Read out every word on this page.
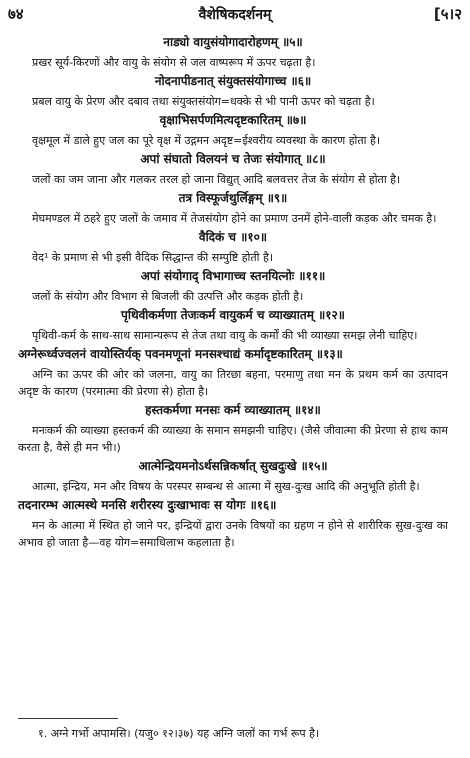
७४	वैशेषिकदर्शनम्	[५।२
नाड्यो वायुसंयोगादारोहणम् ॥५॥
प्रखर सूर्य-किरणों और वायु के संयोग से जल वाष्परूप में ऊपर चढ़ता है।
नोदनापीडनात् संयुक्तसंयोगाच्च ॥६॥
प्रबल वायु के प्रेरण और दबाव तथा संयुक्तसंयोग=धक्के से भी पानी ऊपर को चढ़ता है।
वृक्षाभिसर्पणमित्यदृष्टकारितम् ॥७॥
वृक्षमूल में डाले हुए जल का पूरे वृक्ष में उद्गमन अदृष्ट=ईश्वरीय व्यवस्था के कारण होता है।
अपां संघातो विलयनं च तेजः संयोगात् ॥८॥
जलों का जम जाना और गलकर तरल हो जाना विद्युत् आदि बलवत्तर तेज के संयोग से होता है।
तत्र विस्फूर्जथुर्लिङ्गम् ॥९॥
मेघमण्डल में ठहरे हुए जलों के जमाव में तेजसंयोग होने का प्रमाण उनमें होने-वाली कड़क और चमक है।
वैदिकं च ॥१०॥
वेद¹ के प्रमाण से भी इसी वैदिक सिद्धान्त की सम्पुष्टि होती है।
अपां संयोगाद् विभागाच्च स्तनयित्नोः ॥११॥
जलों के संयोग और विभाग से बिजली की उत्पत्ति और कड़क होती है।
पृथिवीकर्मणा तेजःकर्म वायुकर्म च व्याख्यातम् ॥१२॥
पृथिवी-कर्म के साथ-साथ सामान्यरूप से तेज तथा वायु के कर्मों की भी व्याख्या समझ लेनी चाहिए।
अग्नेरूर्ध्वज्वलनं वायोस्तिर्यक् पवनमणूनां मनसश्चाद्यं कर्मादृष्टकारितम् ॥१३॥
अग्नि का ऊपर की ओर को जलना, वायु का तिरछा बहना, परमाणु तथा मन के प्रथम कर्म का उत्पादन अदृष्ट के कारण (परमात्मा की प्रेरणा से) होता है।
हस्तकर्मणा मनसः कर्म व्याख्यातम् ॥१४॥
मनःकर्म की व्याख्या हस्तकर्म की व्याख्या के समान समझनी चाहिए। (जैसे जीवात्मा की प्रेरणा से हाथ काम करता है, वैसे ही मन भी।)
आत्मेन्द्रियमनोऽर्थसन्निकर्षात् सुखदुःखे ॥१५॥
आत्मा, इन्द्रिय, मन और विषय के परस्पर सम्बन्ध से आत्मा में सुख-दुःख आदि की अनुभूति होती है।
तदनारम्भ आत्मस्थे मनसि शरीरस्य दुःखाभावः स योगः ॥१६॥
मन के आत्मा में स्थित हो जाने पर, इन्द्रियों द्वारा उनके विषयों का ग्रहण न होने से शारीरिक सुख-दुःख का अभाव हो जाता है—वह योग=समाधिलाभ कहलाता है।
१. अग्ने गर्भो अपामसि। (यजु० १२।३७) यह अग्नि जलों का गर्भ रूप है।
